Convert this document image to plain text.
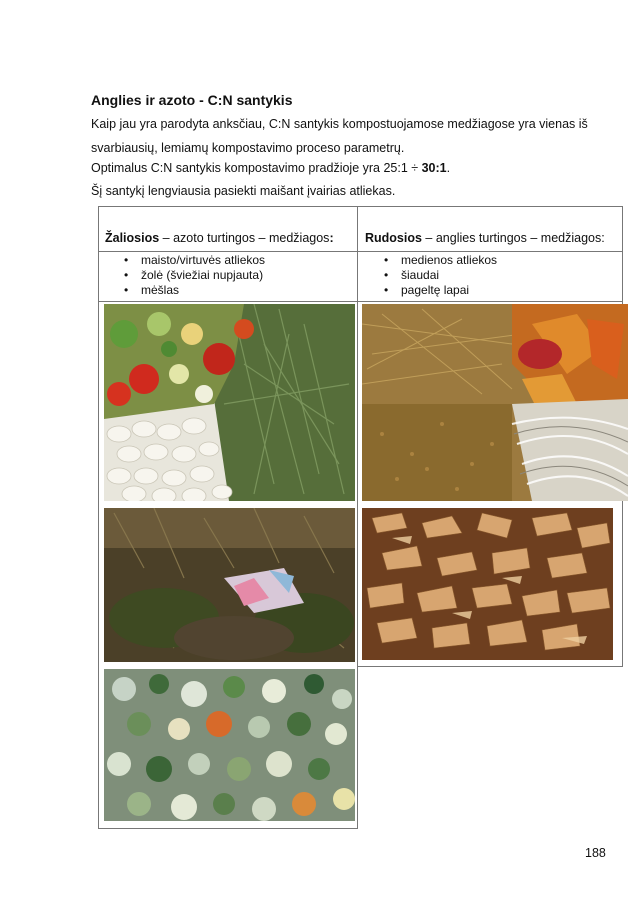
Anglies ir azoto - C:N santykis
Kaip jau yra parodyta anksčiau, C:N santykis kompostuojamose medžiagose yra vienas iš
svarbiausių, lemiamų kompostavimo proceso parametrų.
Optimalus C:N santykis kompostavimo pradžioje yra 25:1 ÷ 30:1.
Šį santykį lengviausia pasiekti maišant įvairias atliekas.
Žaliosios – azoto turtingos – medžiagos:	Rudosios – anglies turtingos – medžiagos:
• maisto/virtuvės atliekos
• žolė (šviežiai nupjauta)
• mėšlas
• medienos atliekos
• šiaudai
• pageltę lapai
188
